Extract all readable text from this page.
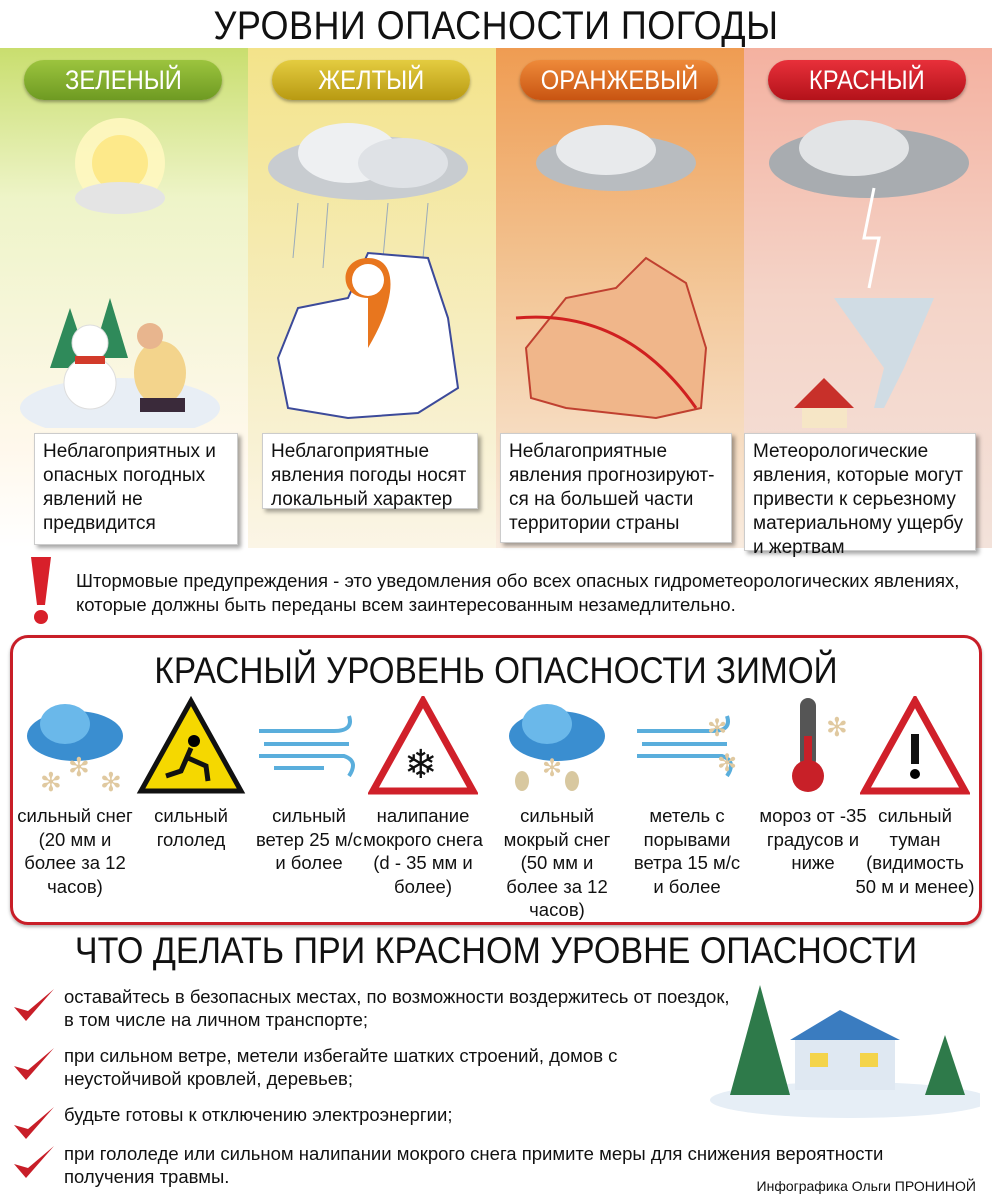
УРОВНИ ОПАСНОСТИ ПОГОДЫ
ЗЕЛЕНЫЙ
Неблагоприятных и опасных погодных явлений не предвидится
ЖЕЛТЫЙ
Неблагоприятные явления погоды носят локальный характер
ОРАНЖЕВЫЙ
Неблагоприятные явления прогнозируют-ся на большей части территории страны
КРАСНЫЙ
Метеорологические явления, которые могут привести к серьезному материальному ущербу и жертвам

Штормовые предупреждения - это уведомления обо всех опасных гидрометеорологических явлениях, которые должны быть переданы всем заинтересованным незамедлительно.

КРАСНЫЙ УРОВЕНЬ ОПАСНОСТИ ЗИМОЙ
✻ ✻ ✻
сильный снег (20 мм и более за 12 часов)
сильный гололед
сильный ветер 25 м/с и более
❄
налипание мокрого снега (d - 35 мм и более)
✻
сильный мокрый снег (50 мм и более за 12 часов)
✻
✻
метель с порывами ветра 15 м/с и более
✻
мороз от -35 градусов и ниже
сильный туман (видимость 50 м и менее)
ЧТО ДЕЛАТЬ ПРИ КРАСНОМ УРОВНЕ ОПАСНОСТИ
оставайтесь в безопасных местах, по возможности воздержитесь от поездок, в том числе на личном транспорте;
при сильном ветре, метели избегайте шатких строений, домов с неустойчивой кровлей, деревьев;
будьте готовы к отключению электроэнергии;
при гололеде или сильном налипании мокрого снега примите меры для снижения вероятности получения травмы.	Инфографика Ольги ПРОНИНОЙ
